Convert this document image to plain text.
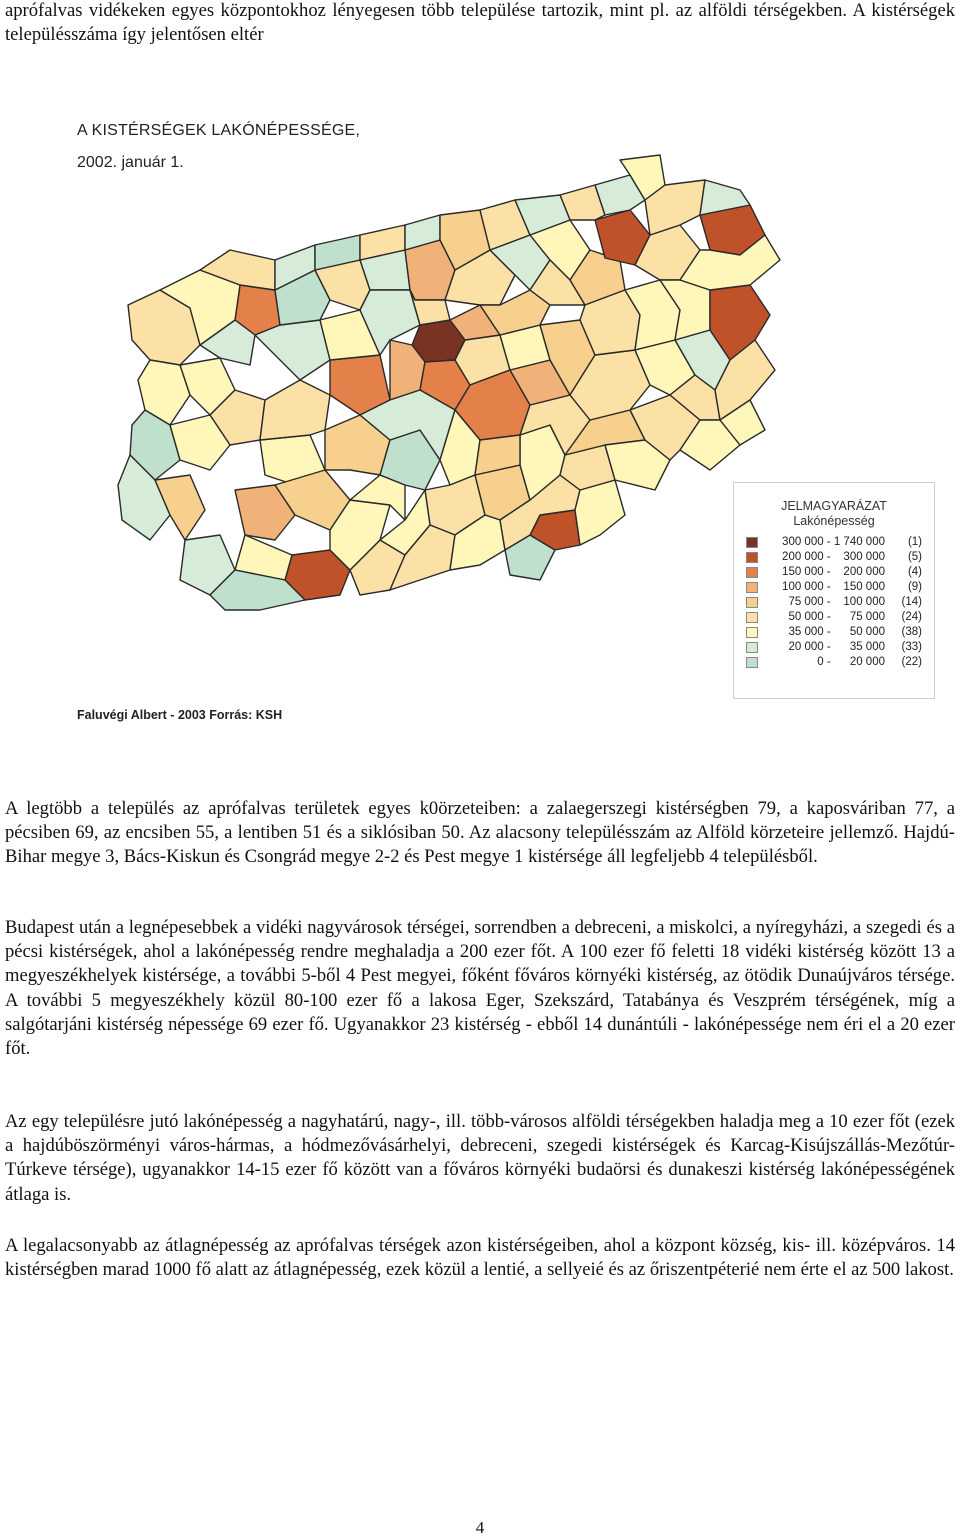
aprófalvas vidékeken egyes központokhoz lényegesen több települése tartozik, mint pl. az alföldi térségekben. A kistérségek településszáma így jelentősen eltér

A KISTÉRSÉGEK LAKÓNÉPESSÉGE,
2002. január 1.
JELMAGYARÁZAT
Lakónépesség
300 000 - 1 740 000	(1)
200 000 -    300 000	(5)
150 000 -    200 000	(4)
100 000 -    150 000	(9)
75 000 -    100 000	(14)
50 000 -      75 000	(24)
35 000 -      50 000	(38)
20 000 -      35 000	(33)
0 -      20 000	(22)
Faluvégi Albert - 2003 Forrás: KSH

A legtöbb a település az aprófalvas területek egyes k0örzeteiben: a zalaegerszegi kistérségben 79, a kaposváriban 77, a pécsiben 69, az encsiben 55, a lentiben 51 és a siklósiban 50. Az alacsony településszám az Alföld körzeteire jellemző. Hajdú-Bihar megye 3, Bács-Kiskun és Csongrád megye 2-2 és Pest megye 1 kistérsége áll legfeljebb 4 településből.

Budapest után a legnépesebbek a vidéki nagyvárosok térségei, sorrendben a debreceni, a miskolci, a nyíregyházi, a szegedi és a pécsi kistérségek, ahol a lakónépesség rendre meghaladja a 200 ezer főt. A 100 ezer fő feletti 18 vidéki kistérség között 13 a megyeszékhelyek kistérsége, a további 5-ből 4 Pest megyei, főként főváros környéki kistérség, az ötödik Dunaújváros térsége. A további 5 megyeszékhely közül 80-100 ezer fő a lakosa Eger, Szekszárd, Tatabánya és Veszprém térségének, míg a salgótarjáni kistérség népessége 69 ezer fő. Ugyanakkor 23 kistérség - ebből 14 dunántúli - lakónépessége nem éri el a 20 ezer főt.

Az egy településre jutó lakónépesség a nagyhatárú, nagy-, ill. több-városos alföldi térségekben haladja meg a 10 ezer főt (ezek a hajdúböszörményi város-hármas, a hódmezővásárhelyi, debreceni, szegedi kistérségek és Karcag-Kisújszállás-Mezőtúr-Túrkeve térsége), ugyanakkor 14-15 ezer fő között van a főváros környéki budaörsi és dunakeszi kistérség lakónépességének átlaga is.

A legalacsonyabb az átlagnépesség az aprófalvas térségek azon kistérségeiben, ahol a központ község, kis- ill. középváros. 14 kistérségben marad 1000 fő alatt az átlagnépesség, ezek közül a lentié, a sellyeié és az őriszentpéterié nem érte el az 500 lakost.

4
